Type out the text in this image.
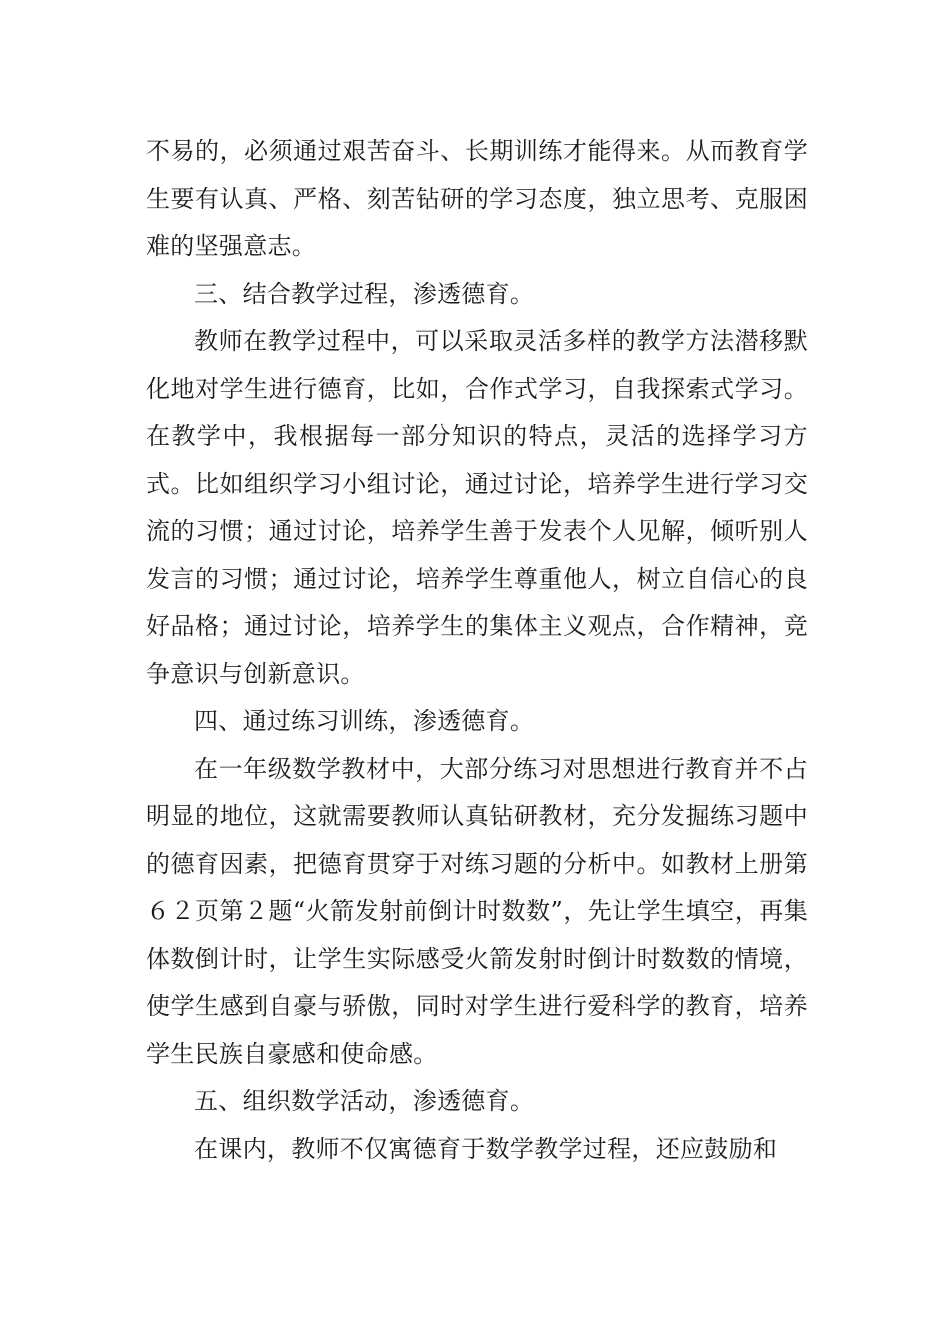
不易的，必须通过艰苦奋斗、长期训练才能得来。从而教育学生要有认真、严格、刻苦钻研的学习态度，独立思考、克服困难的坚强意志。

三、结合教学过程，渗透德育。

教师在教学过程中，可以采取灵活多样的教学方法潜移默化地对学生进行德育，比如，合作式学习，自我探索式学习。在教学中，我根据每一部分知识的特点，灵活的选择学习方式。比如组织学习小组讨论，通过讨论，培养学生进行学习交流的习惯；通过讨论，培养学生善于发表个人见解，倾听别人发言的习惯；通过讨论，培养学生尊重他人，树立自信心的良好品格；通过讨论，培养学生的集体主义观点，合作精神，竞争意识与创新意识。

四、通过练习训练，渗透德育。

在一年级数学教材中，大部分练习对思想进行教育并不占明显的地位，这就需要教师认真钻研教材，充分发掘练习题中的德育因素，把德育贯穿于对练习题的分析中。如教材上册第６２页第２题“火箭发射前倒计时数数”，先让学生填空，再集体数倒计时，让学生实际感受火箭发射时倒计时数数的情境，使学生感到自豪与骄傲，同时对学生进行爱科学的教育，培养学生民族自豪感和使命感。

五、组织数学活动，渗透德育。

在课内，教师不仅寓德育于数学教学过程，还应鼓励和
